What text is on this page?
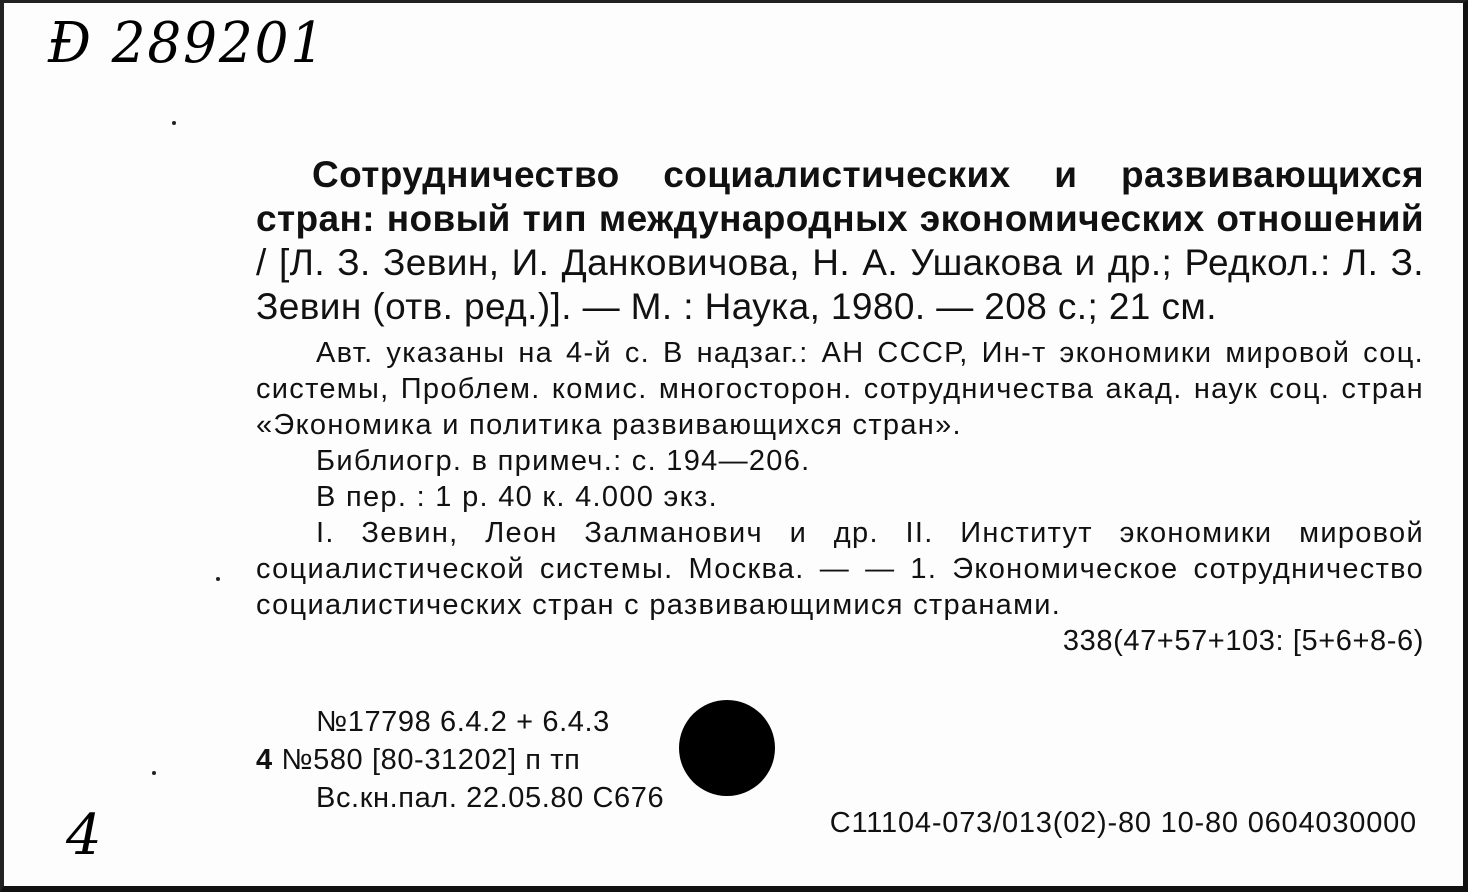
Ɖ 289201
Сотрудничество социалистических и развивающихся стран: новый тип международных экономических отношений / [Л. З. Зевин, И. Данковичова, Н. А. Ушакова и др.; Редкол.: Л. З. Зевин (отв. ред.)]. — М. : Наука, 1980. — 208 с.; 21 см.
Авт. указаны на 4-й с. В надзаг.: АН СССР, Ин-т экономики мировой соц. системы, Проблем. комис. многосторон. сотрудничества акад. наук соц. стран «Экономика и политика развивающихся стран».
Библиогр. в примеч.: с. 194—206.
В пер. : 1 р. 40 к. 4.000 экз.
I. Зевин, Леон Залманович и др. II. Институт экономики мировой социалистической системы. Москва. — — 1. Экономическое сотрудничество социалистических стран с развивающимися странами.
338(47+57+103: [5+6+8-6)
№17798 6.4.2 + 6.4.3
4 №580 [80-31202] п тп
Вс.кн.пал. 22.05.80 С676
С11104-073/013(02)-80 10-80 0604030000
4
